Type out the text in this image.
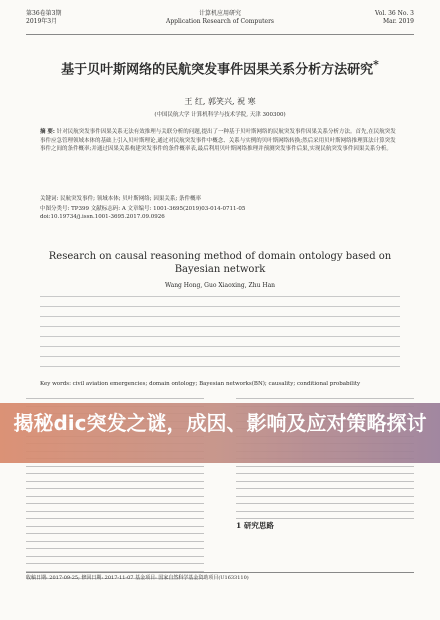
第36卷第3期
2019年3月
计算机应用研究
Application Research of Computers
Vol. 36 No. 3
Mar. 2019
基于贝叶斯网络的民航突发事件因果关系分析方法研究*
王 红, 郭笑兴, 祝 寒
(中国民航大学 计算机科学与技术学院, 天津 300300)
摘 要: 针对民航突发事件因果关系无法有效推理与关联分析的问题,提出了一种基于贝叶斯网络的民航突发事件因果关系分析方法。首先,在民航突发事件应急管理领域本体的基础上引入贝叶斯理论,通过对民航突发事件中概念、关系与实例的贝叶斯网络转换;然后采用贝叶斯网络推理算法计算突发事件之间的条件概率;并通过因果关系构建突发事件的条件概率表,最后利用贝叶斯网络推理并预测突发事件后果,实现民航突发事件因果关系分析。
关键词: 民航突发事件; 领域本体; 贝叶斯网络; 因果关系; 条件概率
中图分类号: TP399 文献标志码: A 文章编号: 1001-3695(2019)03-014-0711-05
doi:10.19734/j.issn.1001-3695.2017.09.0926
Research on causal reasoning method of domain ontology based on Bayesian network
Wang Hong, Guo Xiaoxing, Zhu Han
Key words: civil aviation emergencies; domain ontology; Bayesian networks(BN); causality; conditional probability
1 研究思路
揭秘dic突发之谜，成因、影响及应对策略探讨
收稿日期: 2017-09-25; 修回日期: 2017-11-07 基金项目: 国家自然科学基金资助项目(U1633110)
